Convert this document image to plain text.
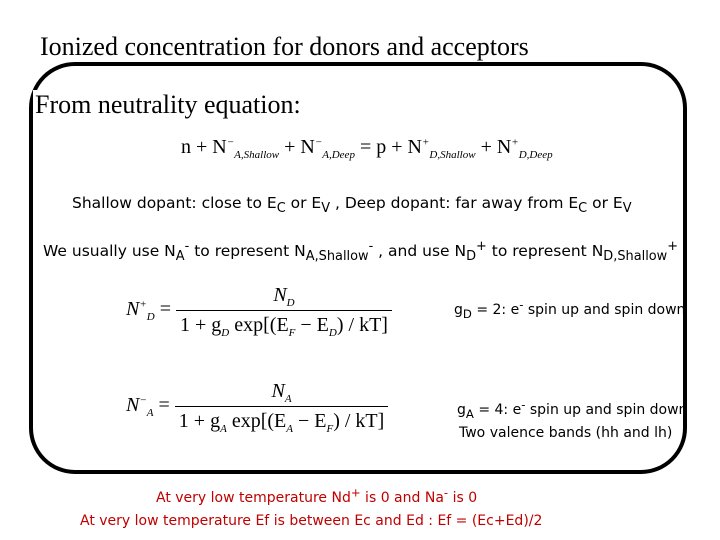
Ionized concentration for donors and acceptors
From neutrality equation:
$n + N^-_{A,Shallow} + N^-_{A,Deep} = p + N^+_{D,Shallow} + N^+_{D,Deep}$
Shallow dopant: close to $E_C$ or $E_V$ , Deep dopant: far away from $E_C$ or $E_V$
We usually use $N_A^-$ to represent $N_{A,Shallow}^-$ , and use $N_D^+$ to represent $N_{D,Shallow}^+$
$N^+_D = \frac{N_D}{1 + g_D \exp[(E_F - E_D) / kT]}$	$g_D = 2$: e- spin up and spin down
$N^-_A = \frac{N_A}{1 + g_A \exp[(E_A - E_F) / kT]}$	$g_A = 4$: e- spin up and spin down
Two valence bands (hh and lh)
At very low temperature Nd+ is 0 and Na- is 0
At very low temperature Ef is between Ec and Ed : Ef = (Ec+Ed)/2
